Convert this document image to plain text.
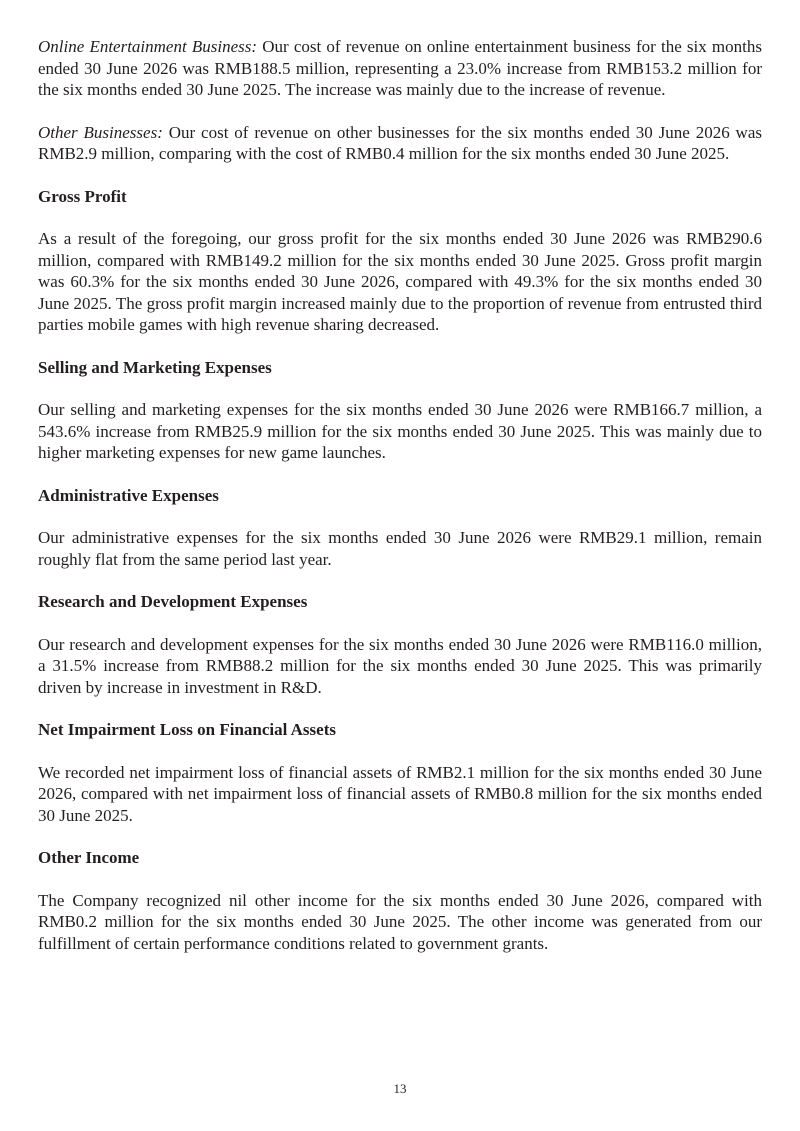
Online Entertainment Business: Our cost of revenue on online entertainment business for the six months ended 30 June 2026 was RMB188.5 million, representing a 23.0% increase from RMB153.2 million for the six months ended 30 June 2025. The increase was mainly due to the increase of revenue.

Other Businesses: Our cost of revenue on other businesses for the six months ended 30 June 2026 was RMB2.9 million, comparing with the cost of RMB0.4 million for the six months ended 30 June 2025.

Gross Profit

As a result of the foregoing, our gross profit for the six months ended 30 June 2026 was RMB290.6 million, compared with RMB149.2 million for the six months ended 30 June 2025. Gross profit margin was 60.3% for the six months ended 30 June 2026, compared with 49.3% for the six months ended 30 June 2025. The gross profit margin increased mainly due to the proportion of revenue from entrusted third parties mobile games with high revenue sharing decreased.

Selling and Marketing Expenses

Our selling and marketing expenses for the six months ended 30 June 2026 were RMB166.7 million, a 543.6% increase from RMB25.9 million for the six months ended 30 June 2025. This was mainly due to higher marketing expenses for new game launches.

Administrative Expenses

Our administrative expenses for the six months ended 30 June 2026 were RMB29.1 million, remain roughly flat from the same period last year.

Research and Development Expenses

Our research and development expenses for the six months ended 30 June 2026 were RMB116.0 million, a 31.5% increase from RMB88.2 million for the six months ended 30 June 2025. This was primarily driven by increase in investment in R&D.

Net Impairment Loss on Financial Assets

We recorded net impairment loss of financial assets of RMB2.1 million for the six months ended 30 June 2026, compared with net impairment loss of financial assets of RMB0.8 million for the six months ended 30 June 2025.

Other Income

The Company recognized nil other income for the six months ended 30 June 2026, compared with RMB0.2 million for the six months ended 30 June 2025. The other income was generated from our fulfillment of certain performance conditions related to government grants.

13
